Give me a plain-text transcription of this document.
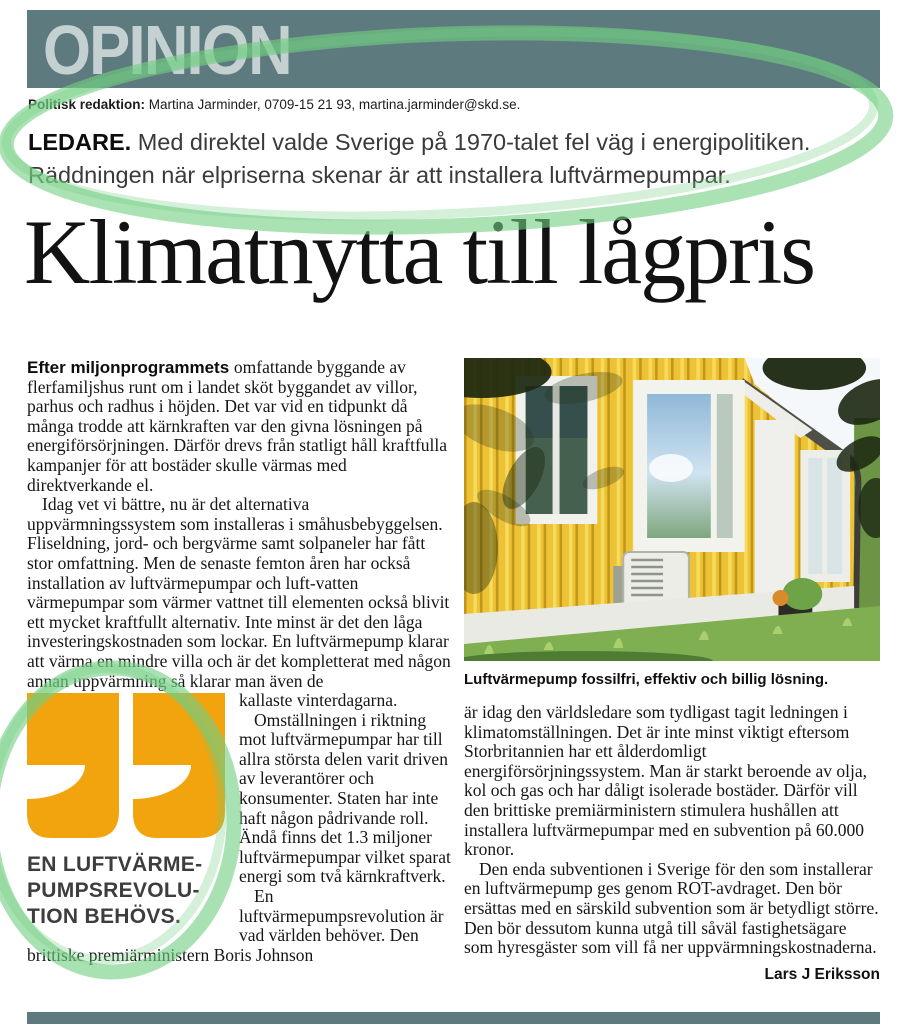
OPINION
Politisk redaktion: Martina Jarminder, 0709-15 21 93, martina.jarminder@skd.se.
LEDARE. Med direktel valde Sverige på 1970-talet fel väg i energipolitiken. Räddningen när elpriserna skenar är att installera luftvärmepumpar.
Klimatnytta till lågpris

Efter miljonprogrammets omfattande byggande av flerfamiljshus runt om i landet sköt byggandet av villor, parhus och radhus i höjden. Det var vid en tidpunkt då många trodde att kärnkraften var den givna lösningen på energiförsörjningen. Därför drevs från statligt håll kraftfulla kampanjer för att bostäder skulle värmas med direktverkande el.

Idag vet vi bättre, nu är det alternativa uppvärmningssystem som installeras i småhusbebyggelsen. Fliseldning, jord- och bergvärme samt solpaneler har fått stor omfattning. Men de senaste femton åren har också installation av luftvärmepumpar och luft-vatten värmepumpar som värmer vattnet till elementen också blivit ett mycket kraftfullt alternativ. Inte minst är det den låga investeringskostnaden som lockar. En luftvärmepump klarar att värma en mindre villa och är det kompletterat med någon annan uppvärmning så klarar man även de

EN LUFTVÄRME-
PUMPSREVOLU-
TION BEHÖVS.

kallaste vinterdagarna.

Omställningen i riktning mot luftvärmepumpar har till allra största delen varit driven av leverantörer och konsumenter. Staten har inte haft någon pådrivande roll. Ändå finns det 1.3 miljoner luftvärmepumpar vilket sparat energi som två kärnkraftverk.

En luftvärmepumpsrevolution är vad världen behöver. Den brittiske premiärministern Boris Johnson

Luftvärmepump fossilfri, effektiv och billig lösning.

är idag den världsledare som tydligast tagit ledningen i klimatomställningen. Det är inte minst viktigt eftersom Storbritannien har ett ålderdomligt energiförsörjningssystem. Man är starkt beroende av olja, kol och gas och har dåligt isolerade bostäder. Därför vill den brittiske premiärministern stimulera hushållen att installera luftvärmepumpar med en subvention på 60.000 kronor.

Den enda subventionen i Sverige för den som installerar en luftvärmepump ges genom ROT-avdraget. Den bör ersättas med en särskild subvention som är betydligt större. Den bör dessutom kunna utgå till såväl fastighetsägare som hyresgäster som vill få ner uppvärmningskostnaderna.

Lars J Eriksson
